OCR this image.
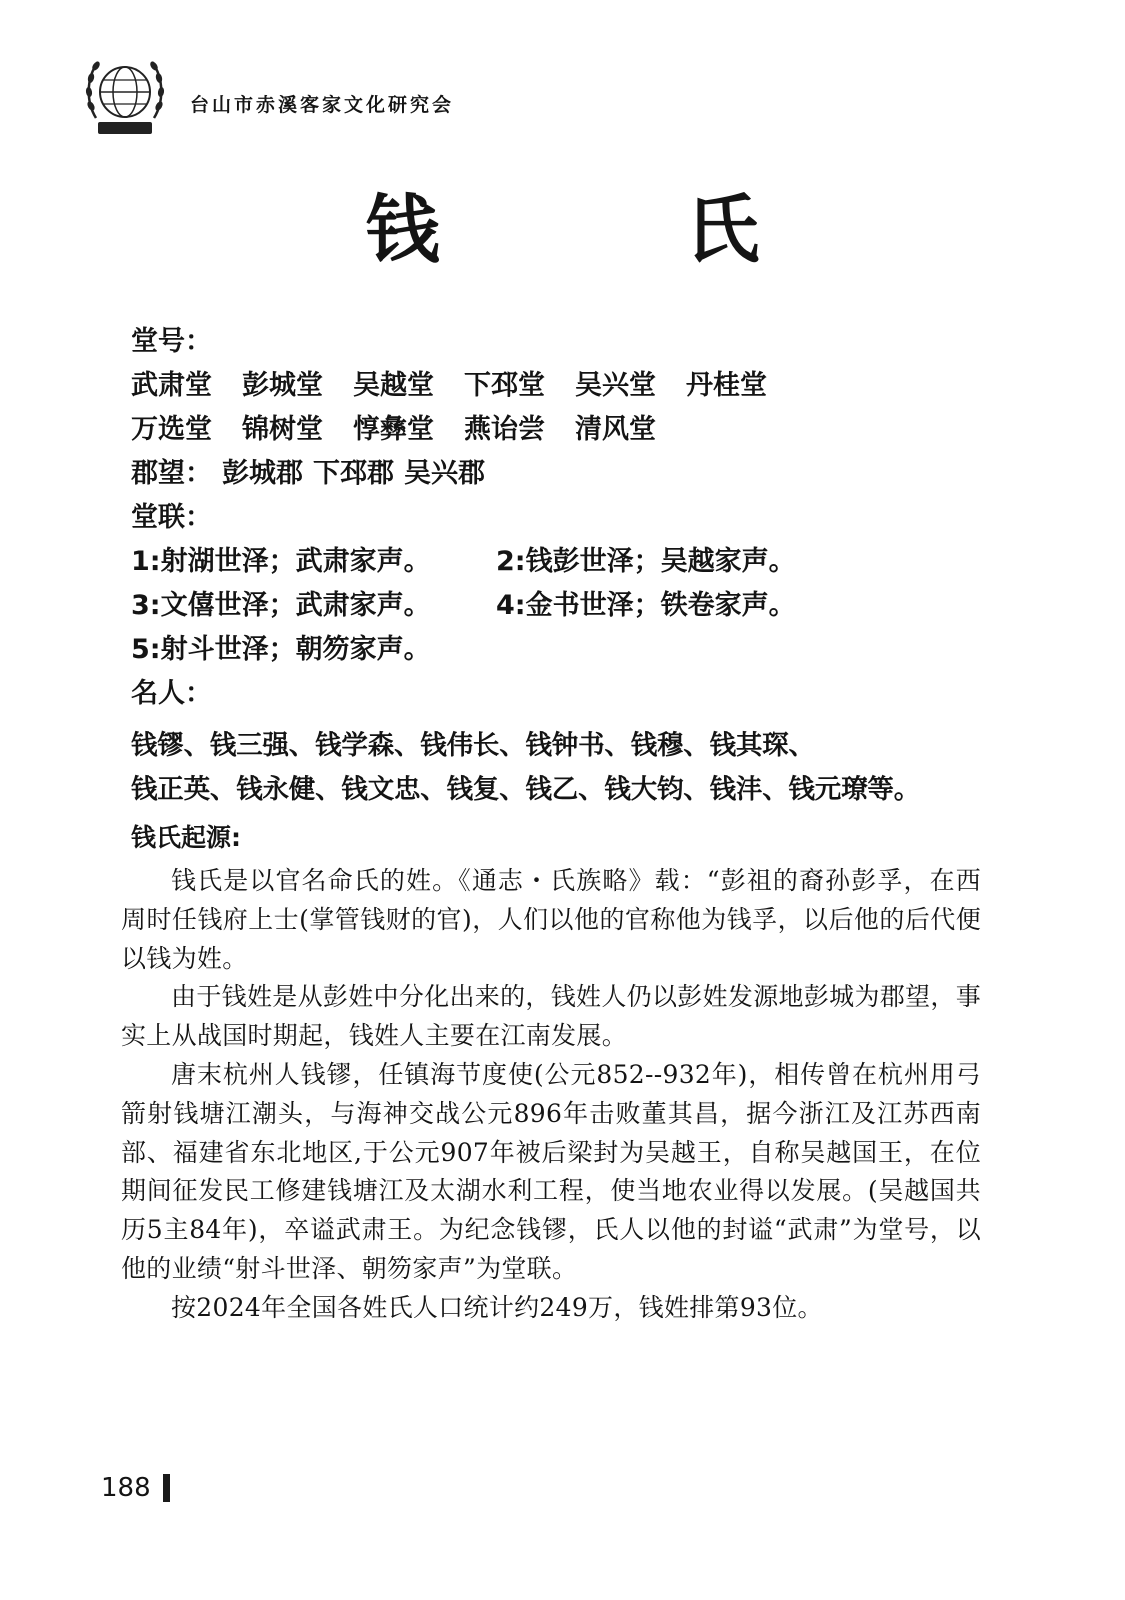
台山市赤溪客家文化研究会
钱 氏
堂号：
武肃堂 彭城堂 吴越堂 下邳堂 吴兴堂 丹桂堂
万选堂 锦树堂 惇彝堂 燕诒尝 清风堂
郡望： 彭城郡 下邳郡 吴兴郡
堂联：
1:射湖世泽；武肃家声。	2:钱彭世泽；吴越家声。
3:文僖世泽；武肃家声。	4:金书世泽；铁卷家声。
5:射斗世泽；朝笏家声。
名人：
钱镠、钱三强、钱学森、钱伟长、钱钟书、钱穆、钱其琛、
钱正英、钱永健、钱文忠、钱复、钱乙、钱大钧、钱沣、钱元璙等。
钱氏起源:

钱氏是以官名命氏的姓。《通志・氏族略》载：“彭祖的裔孙彭孚，在西周时任钱府上士(掌管钱财的官)，人们以他的官称他为钱孚，以后他的后代便以钱为姓。

由于钱姓是从彭姓中分化出来的，钱姓人仍以彭姓发源地彭城为郡望，事实上从战国时期起，钱姓人主要在江南发展。

唐末杭州人钱镠，任镇海节度使(公元852--932年)，相传曾在杭州用弓箭射钱塘江潮头，与海神交战公元896年击败董其昌，据今浙江及江苏西南部、福建省东北地区,于公元907年被后梁封为吴越王，自称吴越国王，在位期间征发民工修建钱塘江及太湖水利工程，使当地农业得以发展。(吴越国共历5主84年)，卒谥武肃王。为纪念钱镠，氏人以他的封谥“武肃”为堂号，以他的业绩“射斗世泽、朝笏家声”为堂联。

按2024年全国各姓氏人口统计约249万，钱姓排第93位。

188
